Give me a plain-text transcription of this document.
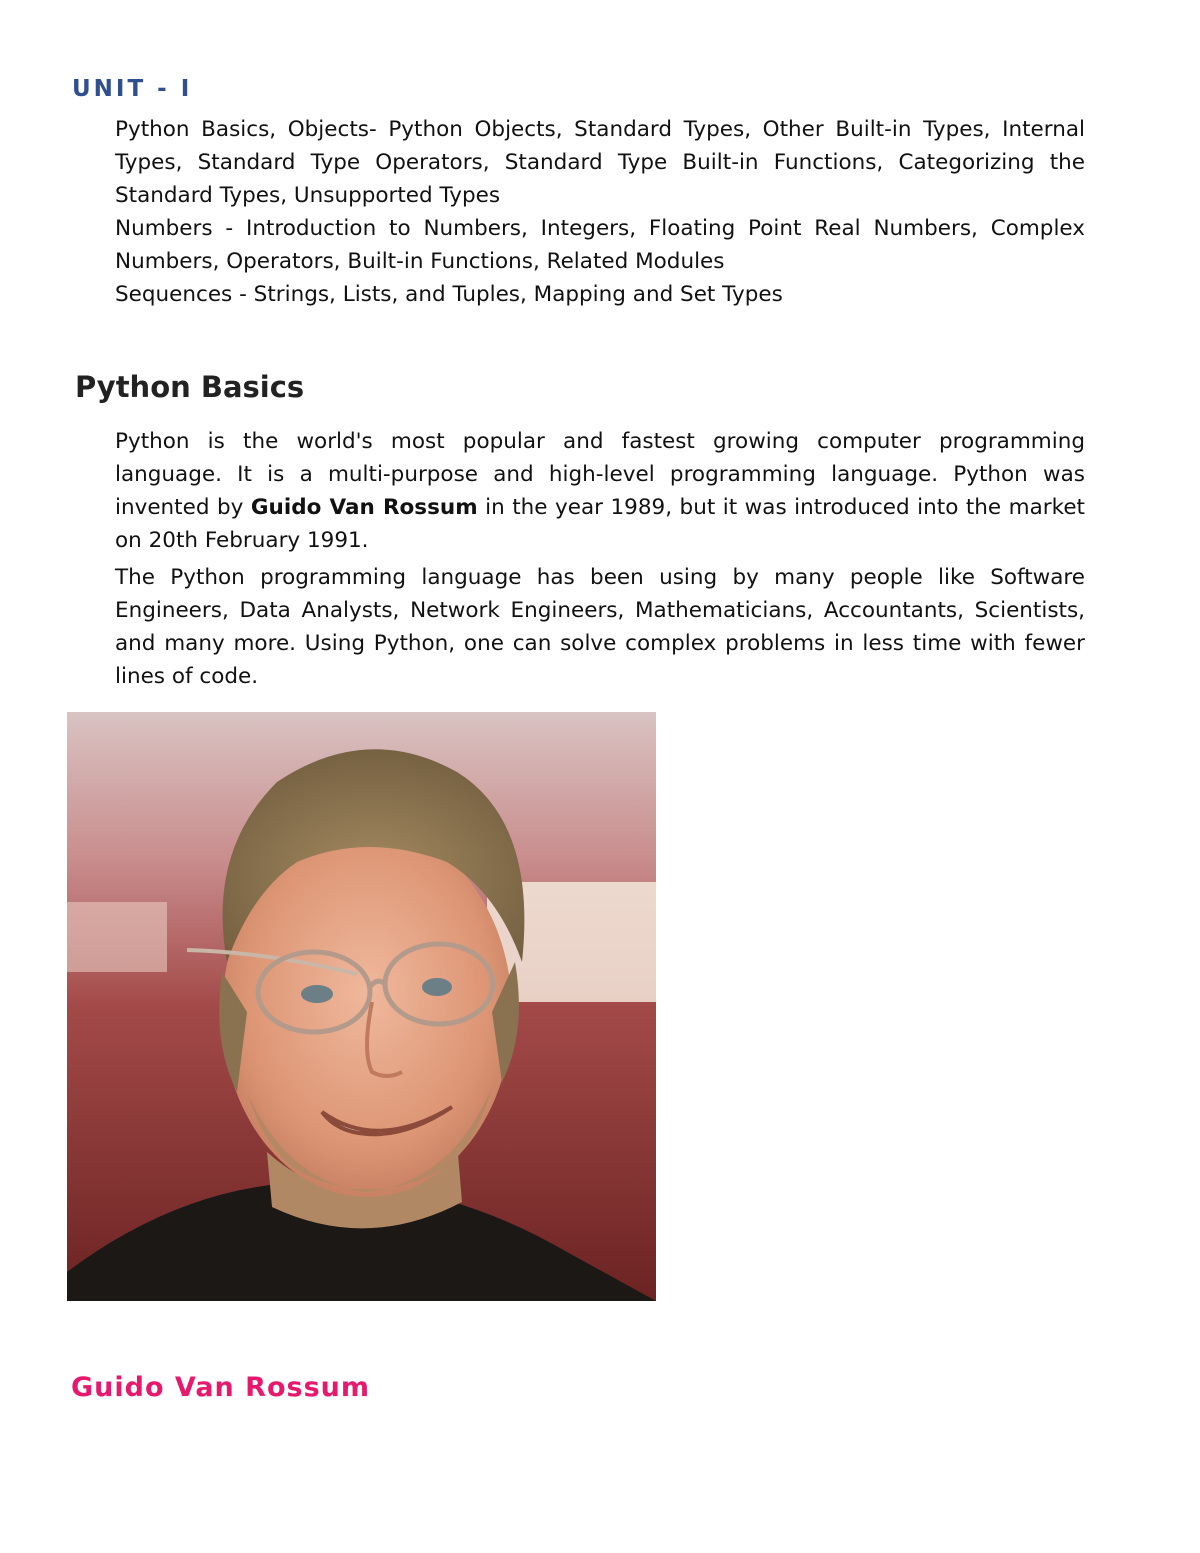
UNIT - I

Python Basics, Objects- Python Objects, Standard Types, Other Built-in Types, Internal Types, Standard Type Operators, Standard Type Built-in Functions, Categorizing the Standard Types, Unsupported Types

Numbers - Introduction to Numbers, Integers, Floating Point Real Numbers, Complex Numbers, Operators, Built-in Functions, Related Modules

Sequences - Strings, Lists, and Tuples, Mapping and Set Types

Python Basics

Python is the world's most popular and fastest growing computer programming language. It is a multi-purpose and high-level programming language. Python was invented by Guido Van Rossum in the year 1989, but it was introduced into the market on 20th February 1991.

The Python programming language has been using by many people like Software Engineers, Data Analysts, Network Engineers, Mathematicians, Accountants, Scientists, and many more. Using Python, one can solve complex problems in less time with fewer lines of code.

Guido Van Rossum
